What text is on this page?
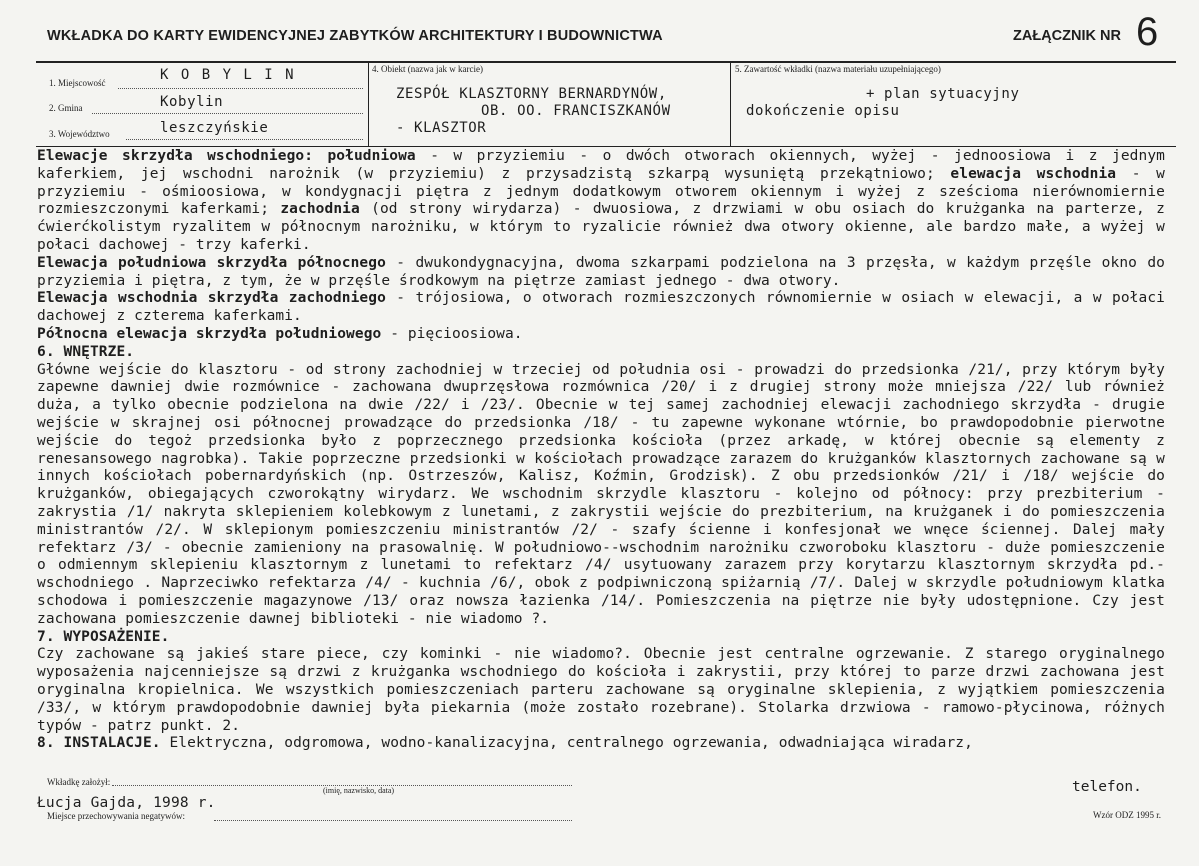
WKŁADKA DO KARTY EWIDENCYJNEJ ZABYTKÓW ARCHITEKTURY I BUDOWNICTWA	ZAŁĄCZNIK NR 6
1. Miejscowość	K O B Y L I N
2. Gmina	Kobylin
3. Województwo	leszczyńskie
4. Obiekt (nazwa jak w karcie)
ZESPÓŁ KLASZTORNY BERNARDYNÓW,
OB. OO. FRANCISZKANÓW
- KLASZTOR
5. Zawartość wkładki (nazwa materiału uzupełniającego)
+ plan sytuacyjny
dokończenie opisu

Elewacje skrzydła wschodniego: południowa - w przyziemiu - o dwóch otworach okiennych, wyżej - jednoosiowa i z jednym kaferkiem, jej wschodni narożnik (w przyziemiu) z przysadzistą szkarpą wysuniętą przekątniowo; elewacja wschodnia - w przyziemiu - ośmioosiowa, w kondygnacji piętra z jednym dodatkowym otworem okiennym i wyżej z sześcioma nierównomiernie rozmieszczonymi kaferkami; zachodnia (od strony wirydarza) - dwuosiowa, z drzwiami w obu osiach do krużganka na parterze, z ćwierćkolistym ryzalitem w północnym narożniku, w którym to ryzalicie również dwa otwory okienne, ale bardzo małe, a wyżej w połaci dachowej - trzy kaferki.

Elewacja południowa skrzydła północnego - dwukondygnacyjna, dwoma szkarpami podzielona na 3 przęsła, w każdym przęśle okno do przyziemia i piętra, z tym, że w przęśle środkowym na piętrze zamiast jednego - dwa otwory.

Elewacja wschodnia skrzydła zachodniego - trójosiowa, o otworach rozmieszczonych równomiernie w osiach w elewacji, a w połaci dachowej z czterema kaferkami.

Północna elewacja skrzydła południowego - pięcioosiowa.

6. WNĘTRZE.

Główne wejście do klasztoru - od strony zachodniej w trzeciej od południa osi - prowadzi do przedsionka /21/, przy którym były zapewne dawniej dwie rozmównice - zachowana dwuprzęsłowa rozmównica /20/ i z drugiej strony może mniejsza /22/ lub również duża, a tylko obecnie podzielona na dwie /22/ i /23/. Obecnie w tej samej zachodniej elewacji zachodniego skrzydła - drugie wejście w skrajnej osi północnej prowadzące do przedsionka /18/ - tu zapewne wykonane wtórnie, bo prawdopodobnie pierwotne wejście do tegoż przedsionka było z poprzecznego przedsionka kościoła (przez arkadę, w której obecnie są elementy z renesansowego nagrobka). Takie poprzeczne przedsionki w kościołach prowadzące zarazem do krużganków klasztornych zachowane są w innych kościołach pobernardyńskich (np. Ostrzeszów, Kalisz, Koźmin, Grodzisk). Z obu przedsionków /21/ i /18/ wejście do krużganków, obiegających czworokątny wirydarz. We wschodnim skrzydle klasztoru - kolejno od północy: przy prezbiterium - zakrystia /1/ nakryta sklepieniem kolebkowym z lunetami, z zakrystii wejście do prezbiterium, na krużganek i do pomieszczenia ministrantów /2/. W sklepionym pomieszczeniu ministrantów /2/ - szafy ścienne i konfesjonał we wnęce ściennej. Dalej mały refektarz /3/ - obecnie zamieniony na prasowalnię. W południowo--wschodnim narożniku czworoboku klasztoru - duże pomieszczenie o odmiennym sklepieniu klasztornym z lunetami to refektarz /4/ usytuowany zarazem przy korytarzu klasztornym skrzydła pd.-wschodniego . Naprzeciwko refektarza /4/ - kuchnia /6/, obok z podpiwniczoną spiżarnią /7/. Dalej w skrzydle południowym klatka schodowa i pomieszczenie magazynowe /13/ oraz nowsza łazienka /14/. Pomieszczenia na piętrze nie były udostępnione. Czy jest zachowana pomieszczenie dawnej biblioteki - nie wiadomo ?.

7. WYPOSAŻENIE.

Czy zachowane są jakieś stare piece, czy kominki - nie wiadomo?. Obecnie jest centralne ogrzewanie. Z starego oryginalnego wyposażenia najcenniejsze są drzwi z krużganka wschodniego do kościoła i zakrystii, przy której to parze drzwi zachowana jest oryginalna kropielnica. We wszystkich pomieszczeniach parteru zachowane są oryginalne sklepienia, z wyjątkiem pomieszczenia /33/, w którym prawdopodobnie dawniej była piekarnia (może zostało rozebrane). Stolarka drzwiowa - ramowo-płycinowa, różnych typów - patrz punkt. 2.

8. INSTALACJE. Elektryczna, odgromowa, wodno-kanalizacyjna, centralnego ogrzewania, odwadniająca wiradarz,

telefon.
Wkładkę założył:
(imię, nazwisko, data)
Łucja Gajda, 1998 r.
Miejsce przechowywania negatywów:	Wzór ODZ 1995 r.
